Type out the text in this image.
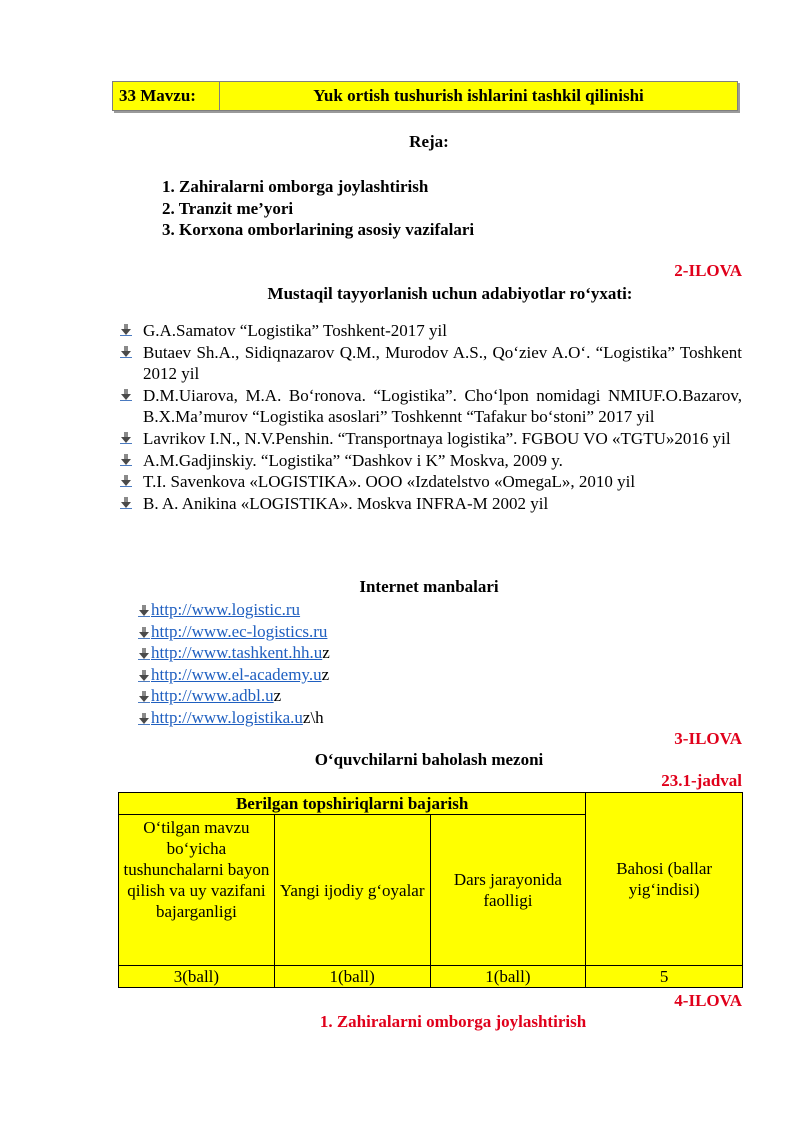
33 Mavzu:	Yuk ortish tushurish ishlarini tashkil qilinishi
Reja:
1. Zahiralarni omborga joylashtirish
2. Tranzit me’yori
3. Korxona omborlarining asosiy vazifalari
2-ILOVA
Mustaqil tayyorlanish uchun adabiyotlar ro‘yxati:
G.A.Samatov “Logistika” Toshkent-2017 yil
Butaev Sh.A., Sidiqnazarov Q.M., Murodov A.S., Qo‘ziev A.O‘. “Logistika” Toshkent 2012 yil
D.M.Uiarova, M.A. Bo‘ronova. “Logistika”. Cho‘lpon nomidagi NMIUF.O.Bazarov, B.X.Ma’murov “Logistika asoslari” Toshkennt “Tafakur bo‘stoni” 2017 yil
Lavrikov I.N., N.V.Penshin. “Transportnaya logistika”. FGBOU VO «TGTU»2016 yil
A.M.Gadjinskiy. “Logistika” “Dashkov i K” Moskva, 2009 y.
T.I. Savenkova «LOGISTIKA». OOO «Izdatelstvo «OmegaL», 2010 yil
B. A. Anikina «LOGISTIKA». Moskva INFRA-M 2002 yil
Internet manbalari
http://www.logistic.ru
http://www.ec-logistics.ru
http://www.tashkent.hh.uz
http://www.el-academy.uz
http://www.adbl.uz
http://www.logistika.uz\h
3-ILOVA
O‘quvchilarni baholash mezoni
23.1-jadval
Berilgan topshiriqlarni bajarish			Bahosi (ballar yig‘indisi)
O‘tilgan mavzu bo‘yicha tushunchalarni bayon qilish va uy vazifani bajarganligi	Yangi ijodiy g‘oyalar	Dars jarayonida faolligi	
3(ball)	1(ball)	1(ball)	5
4-ILOVA
1. Zahiralarni omborga joylashtirish
